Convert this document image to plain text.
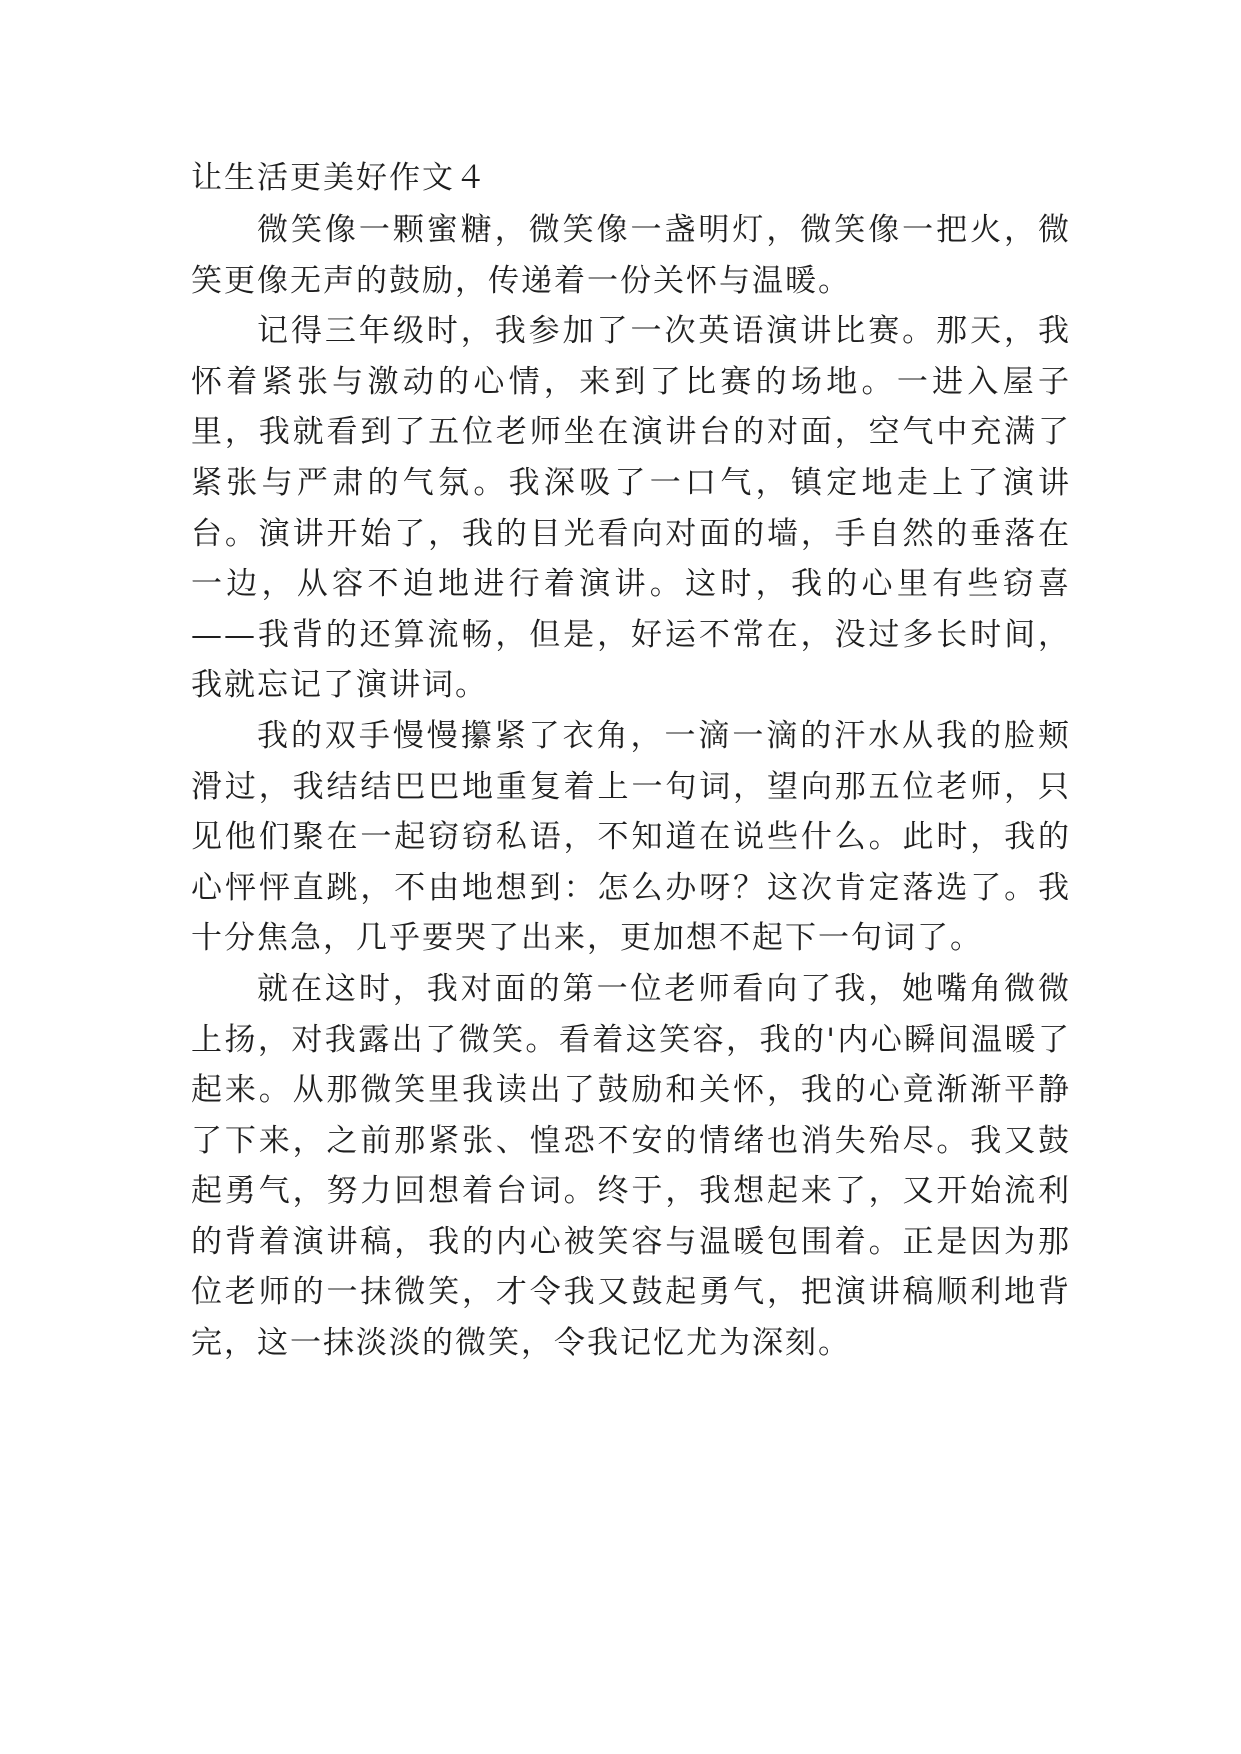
让生活更美好作文４

微笑像一颗蜜糖，微笑像一盏明灯，微笑像一把火，微笑更像无声的鼓励，传递着一份关怀与温暖。

记得三年级时，我参加了一次英语演讲比赛。那天，我怀着紧张与激动的心情，来到了比赛的场地。一进入屋子里，我就看到了五位老师坐在演讲台的对面，空气中充满了紧张与严肃的气氛。我深吸了一口气，镇定地走上了演讲台。演讲开始了，我的目光看向对面的墙，手自然的垂落在一边，从容不迫地进行着演讲。这时，我的心里有些窃喜——我背的还算流畅，但是，好运不常在，没过多长时间，我就忘记了演讲词。

我的双手慢慢攥紧了衣角，一滴一滴的汗水从我的脸颊滑过，我结结巴巴地重复着上一句词，望向那五位老师，只见他们聚在一起窃窃私语，不知道在说些什么。此时，我的心怦怦直跳，不由地想到：怎么办呀？这次肯定落选了。我十分焦急，几乎要哭了出来，更加想不起下一句词了。

就在这时，我对面的第一位老师看向了我，她嘴角微微上扬，对我露出了微笑。看着这笑容，我的'内心瞬间温暖了起来。从那微笑里我读出了鼓励和关怀，我的心竟渐渐平静了下来，之前那紧张、惶恐不安的情绪也消失殆尽。我又鼓起勇气，努力回想着台词。终于，我想起来了，又开始流利的背着演讲稿，我的内心被笑容与温暖包围着。正是因为那位老师的一抹微笑，才令我又鼓起勇气，把演讲稿顺利地背完，这一抹淡淡的微笑，令我记忆尤为深刻。
